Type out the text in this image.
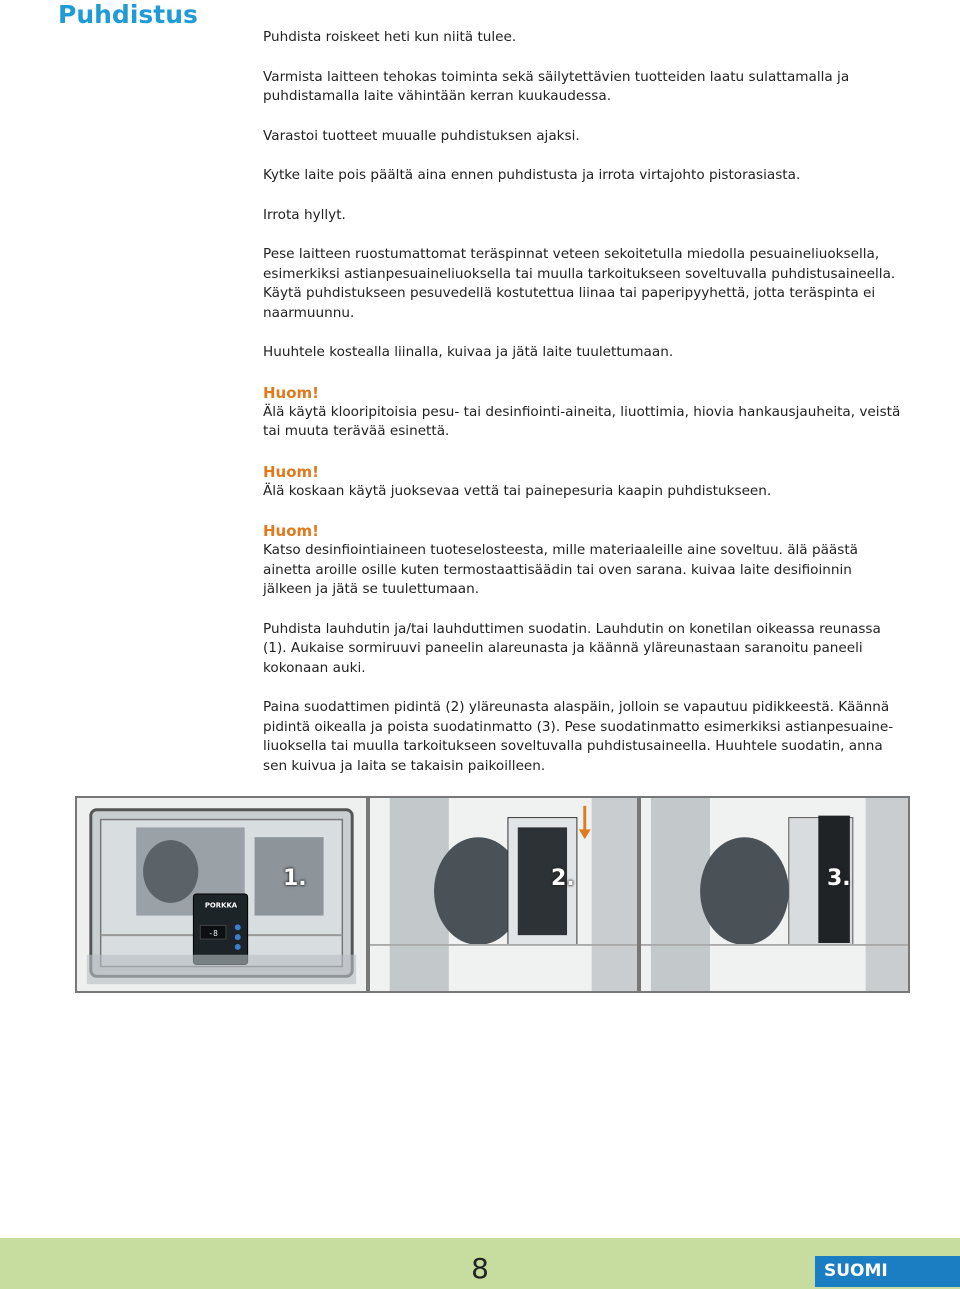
Puhdistus

Puhdista roiskeet heti kun niitä tulee.

Varmista laitteen tehokas toiminta sekä säilytettävien tuotteiden laatu sulattamalla ja puhdistamalla laite vähintään kerran kuukaudessa.

Varastoi tuotteet muualle puhdistuksen ajaksi.

Kytke laite pois päältä aina ennen puhdistusta ja irrota virtajohto pistorasiasta.

Irrota hyllyt.

Pese laitteen ruostumattomat teräspinnat veteen sekoitetulla miedolla pesuaineliuoksella, esimerkiksi astianpesuaineliuoksella tai muulla tarkoitukseen soveltuvalla puhdistusaineella. Käytä puhdistukseen pesuvedellä kostutettua liinaa tai paperipyyhettä, jotta teräspinta ei naarmuunnu.

Huuhtele kostealla liinalla, kuivaa ja jätä laite tuulettumaan.

Huom!

Älä käytä klooripitoisia pesu- tai desinfiointi-aineita, liuottimia, hiovia hankausjauheita, veistä tai muuta terävää esinettä.

Huom!

Älä koskaan käytä juoksevaa vettä tai painepesuria kaapin puhdistukseen.

Huom!

Katso desinfiointiaineen tuoteselosteesta, mille materiaaleille aine soveltuu. älä päästä ainetta aroille osille kuten termostaattisäädin tai oven sarana. kuivaa laite desifioinnin jälkeen ja jätä se tuulettumaan.

Puhdista lauhdutin ja/tai lauhduttimen suodatin. Lauhdutin on konetilan oikeassa reunassa (1). Aukaise sormiruuvi paneelin alareunasta ja käännä yläreunastaan saranoitu paneeli kokonaan auki.

Paina suodattimen pidintä (2) yläreunasta alaspäin, jolloin se vapautuu pidikkeestä. Käännä pidintä oikealla ja poista suodatinmatto (3). Pese suodatinmatto esimerkiksi astianpesuaine-liuoksella tai muulla tarkoitukseen soveltuvalla puhdistusaineella. Huuhtele suodatin, anna sen kuivua ja laita se takaisin paikoilleen.

PORKKA
-8
1.	2.	3.
8	SUOMI
